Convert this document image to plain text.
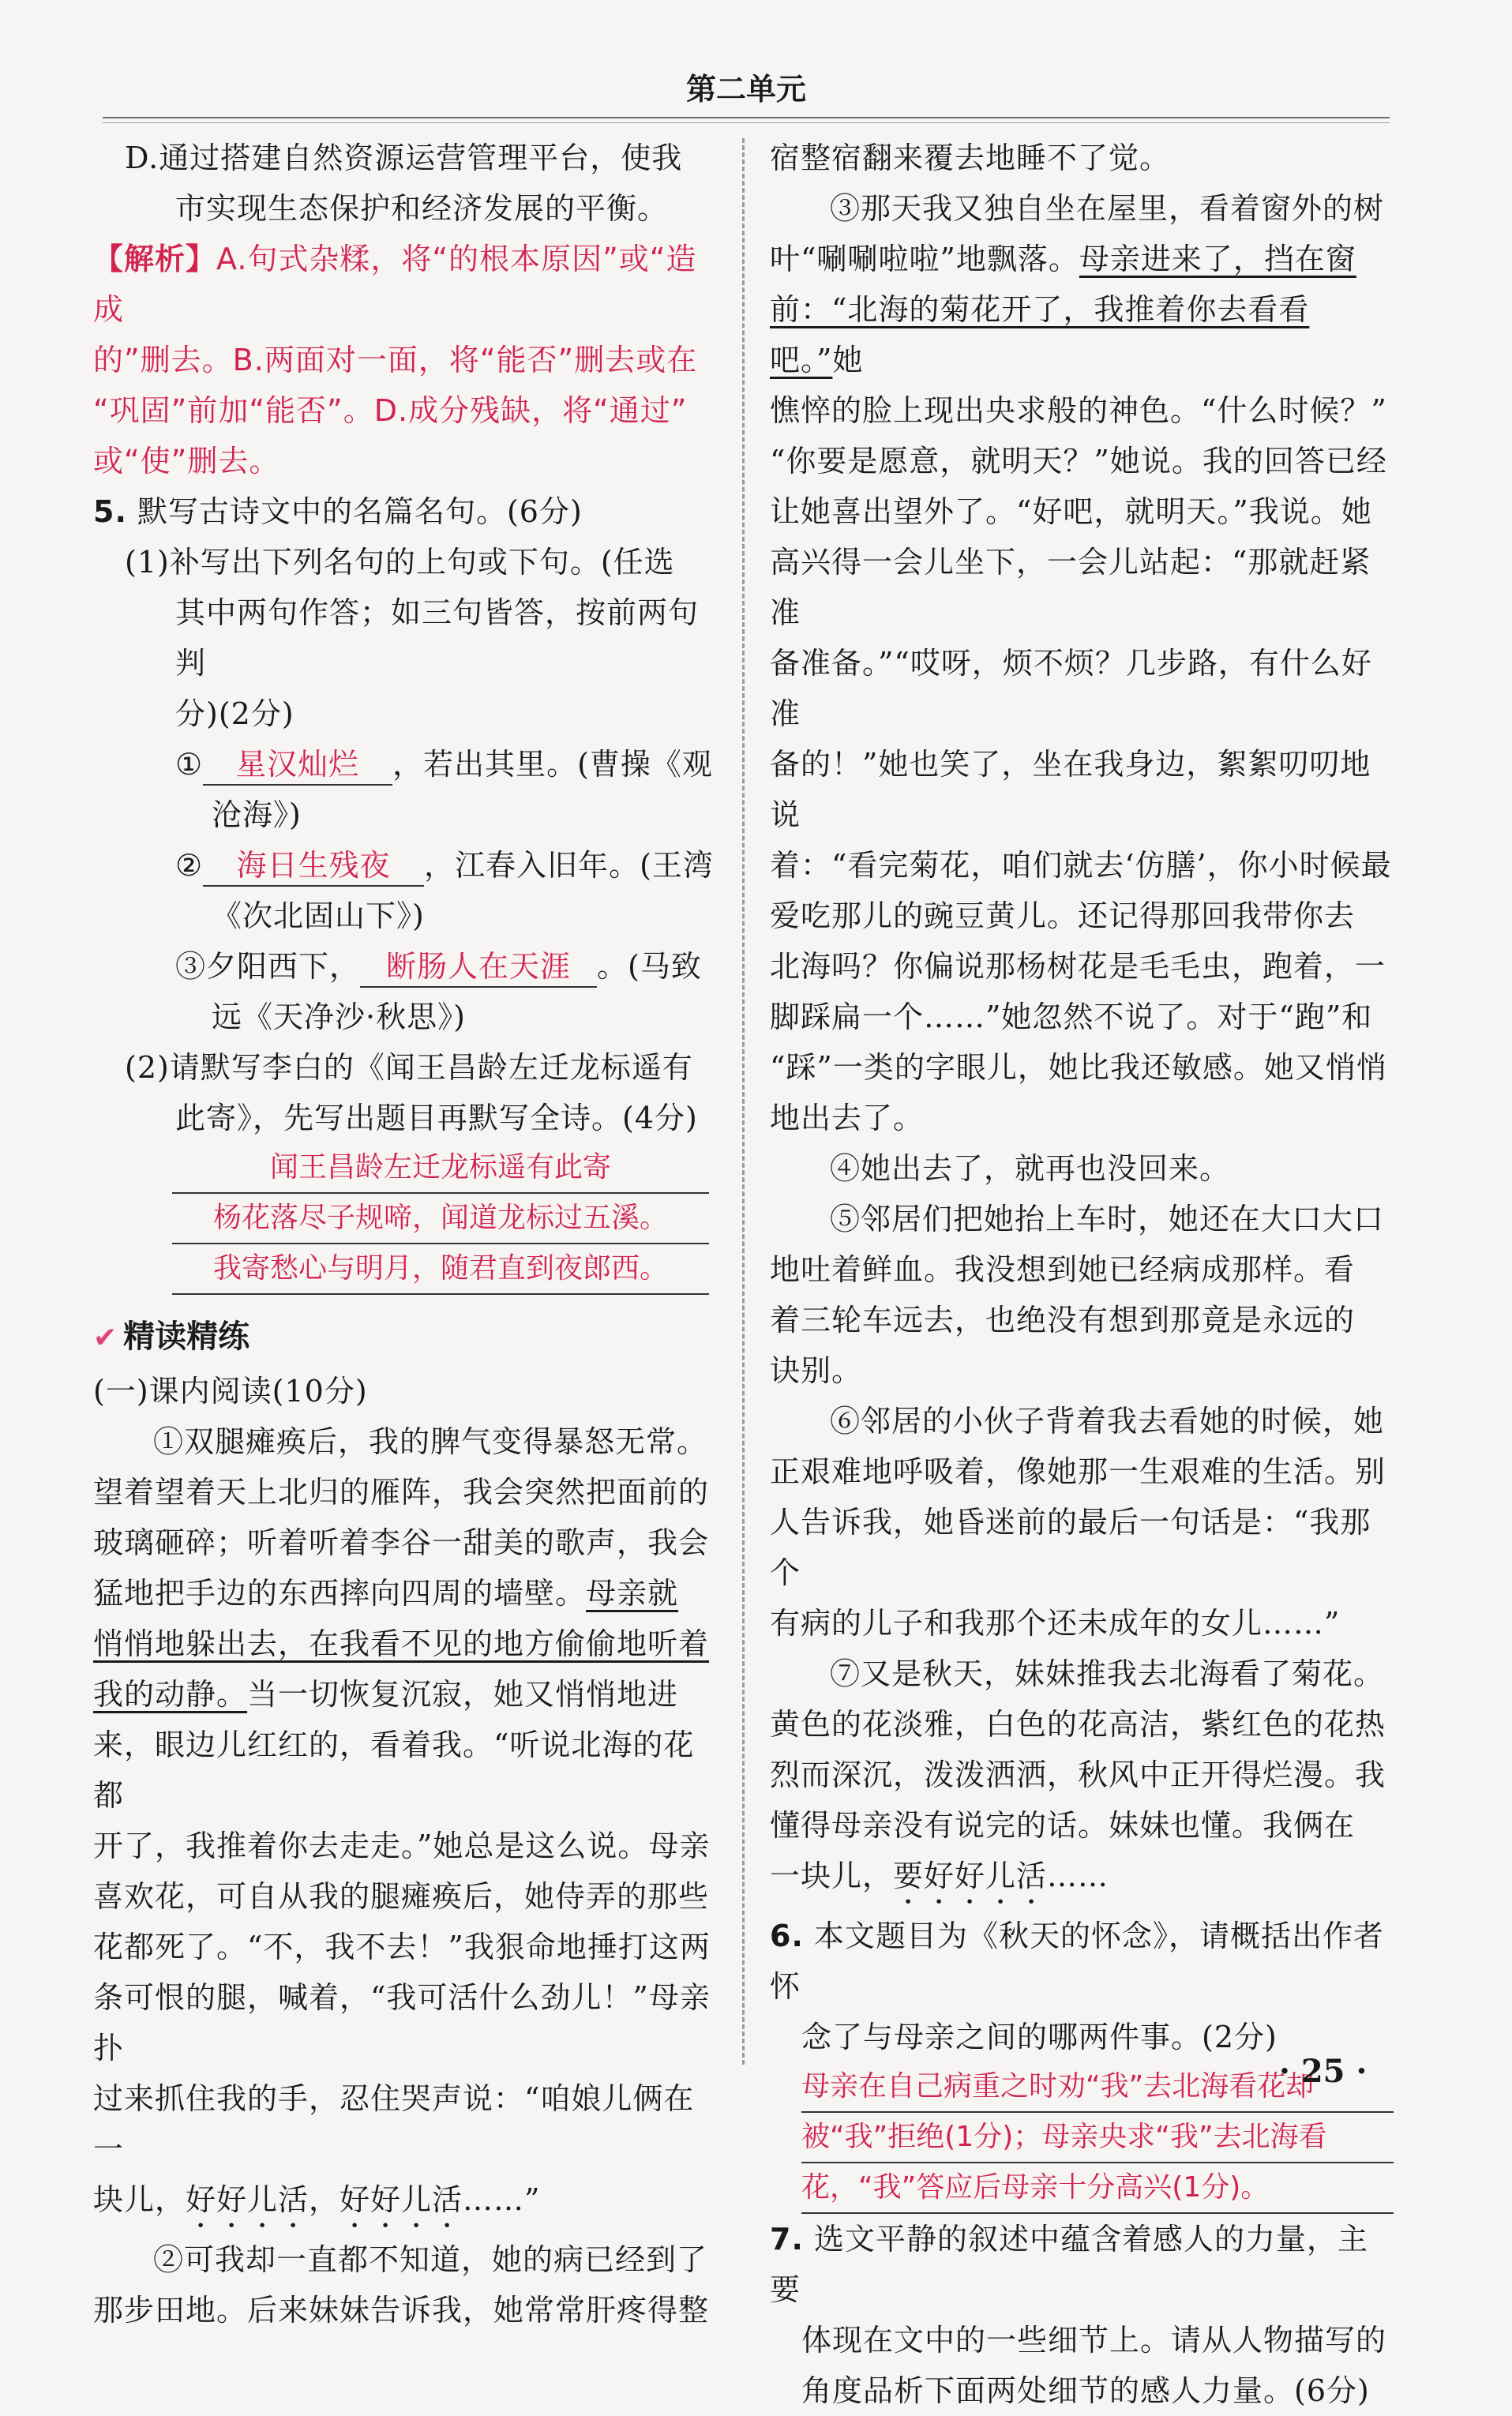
第二单元

D.通过搭建自然资源运营管理平台，使我

市实现生态保护和经济发展的平衡。

【解析】A.句式杂糅，将“的根本原因”或“造成
的”删去。B.两面对一面，将“能否”删去或在
“巩固”前加“能否”。D.成分残缺，将“通过”
或“使”删去。

5. 默写古诗文中的名篇名句。(6分)

(1)补写出下列名句的上句或下句。(任选

其中两句作答；如三句皆答，按前两句判

分)(2分)

① 星汉灿烂 ，若出其里。(曹操《观

沧海》)

② 海日生残夜 ，江春入旧年。(王湾

《次北固山下》)

③夕阳西下， 断肠人在天涯 。(马致

远《天净沙·秋思》)

(2)请默写李白的《闻王昌龄左迁龙标遥有

此寄》，先写出题目再默写全诗。(4分)

闻王昌龄左迁龙标遥有此寄
杨花落尽子规啼，闻道龙标过五溪。
我寄愁心与明月，随君直到夜郎西。
✔ 精读精练

(一)课内阅读(10分)

①双腿瘫痪后，我的脾气变得暴怒无常。
望着望着天上北归的雁阵，我会突然把面前的
玻璃砸碎；听着听着李谷一甜美的歌声，我会
猛地把手边的东西摔向四周的墙壁。母亲就
悄悄地躲出去，在我看不见的地方偷偷地听着
我的动静。当一切恢复沉寂，她又悄悄地进
来，眼边儿红红的，看着我。“听说北海的花都
开了，我推着你去走走。”她总是这么说。母亲
喜欢花，可自从我的腿瘫痪后，她侍弄的那些
花都死了。“不，我不去！”我狠命地捶打这两
条可恨的腿，喊着，“我可活什么劲儿！”母亲扑
过来抓住我的手，忍住哭声说：“咱娘儿俩在一
块儿，好好儿活，好好儿活……”
②可我却一直都不知道，她的病已经到了
那步田地。后来妹妹告诉我，她常常肝疼得整
宿整宿翻来覆去地睡不了觉。
③那天我又独自坐在屋里，看着窗外的树
叶“唰唰啦啦”地飘落。母亲进来了，挡在窗
前：“北海的菊花开了，我推着你去看看吧。”她
憔悴的脸上现出央求般的神色。“什么时候？”
“你要是愿意，就明天？”她说。我的回答已经
让她喜出望外了。“好吧，就明天。”我说。她
高兴得一会儿坐下，一会儿站起：“那就赶紧准
备准备。”“哎呀，烦不烦？几步路，有什么好准
备的！”她也笑了，坐在我身边，絮絮叨叨地说
着：“看完菊花，咱们就去‘仿膳’，你小时候最
爱吃那儿的豌豆黄儿。还记得那回我带你去
北海吗？你偏说那杨树花是毛毛虫，跑着，一
脚踩扁一个……”她忽然不说了。对于“跑”和
“踩”一类的字眼儿，她比我还敏感。她又悄悄
地出去了。
④她出去了，就再也没回来。
⑤邻居们把她抬上车时，她还在大口大口
地吐着鲜血。我没想到她已经病成那样。看
着三轮车远去，也绝没有想到那竟是永远的
诀别。
⑥邻居的小伙子背着我去看她的时候，她
正艰难地呼吸着，像她那一生艰难的生活。别
人告诉我，她昏迷前的最后一句话是：“我那个
有病的儿子和我那个还未成年的女儿……”
⑦又是秋天，妹妹推我去北海看了菊花。
黄色的花淡雅，白色的花高洁，紫红色的花热
烈而深沉，泼泼洒洒，秋风中正开得烂漫。我
懂得母亲没有说完的话。妹妹也懂。我俩在
一块儿，要好好儿活……

6. 本文题目为《秋天的怀念》，请概括出作者怀

念了与母亲之间的哪两件事。(2分)

母亲在自己病重之时劝“我”去北海看花却
被“我”拒绝(1分)；母亲央求“我”去北海看
花，“我”答应后母亲十分高兴(1分)。

7. 选文平静的叙述中蕴含着感人的力量，主要

体现在文中的一些细节上。请从人物描写的

角度品析下面两处细节的感人力量。(6分)

· 25 ·
